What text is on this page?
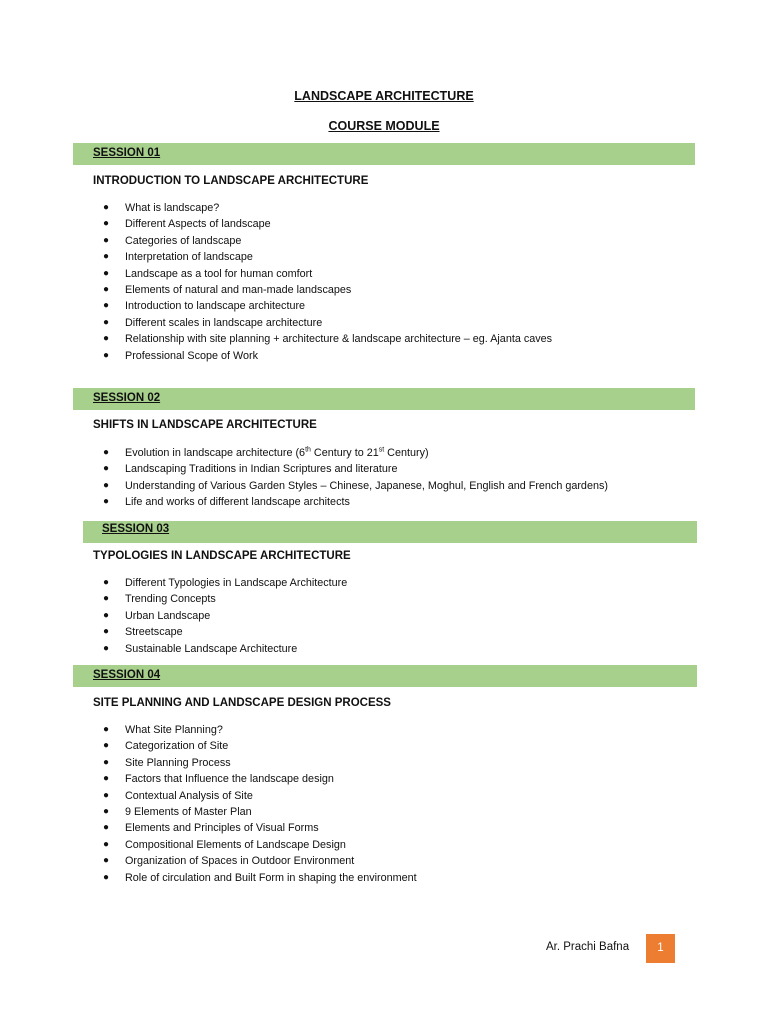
LANDSCAPE ARCHITECTURE
COURSE MODULE
SESSION 01
INTRODUCTION TO LANDSCAPE ARCHITECTURE
● What is landscape?
● Different Aspects of landscape
● Categories of landscape
● Interpretation of landscape
● Landscape as a tool for human comfort
● Elements of natural and man-made landscapes
● Introduction to landscape architecture
● Different scales in landscape architecture
● Relationship with site planning + architecture & landscape architecture – eg. Ajanta caves
● Professional Scope of Work
SESSION 02
SHIFTS IN LANDSCAPE ARCHITECTURE
● Evolution in landscape architecture (6th Century to 21st Century)
● Landscaping Traditions in Indian Scriptures and literature
● Understanding of Various Garden Styles – Chinese, Japanese, Moghul, English and French gardens)
● Life and works of different landscape architects
SESSION 03
TYPOLOGIES IN LANDSCAPE ARCHITECTURE
● Different Typologies in Landscape Architecture
● Trending Concepts
● Urban Landscape
● Streetscape
● Sustainable Landscape Architecture
SESSION 04
SITE PLANNING AND LANDSCAPE DESIGN PROCESS
● What Site Planning?
● Categorization of Site
● Site Planning Process
● Factors that Influence the landscape design
● Contextual Analysis of Site
● 9 Elements of Master Plan
● Elements and Principles of Visual Forms
● Compositional Elements of Landscape Design
● Organization of Spaces in Outdoor Environment
● Role of circulation and Built Form in shaping the environment
Ar. Prachi Bafna	1
